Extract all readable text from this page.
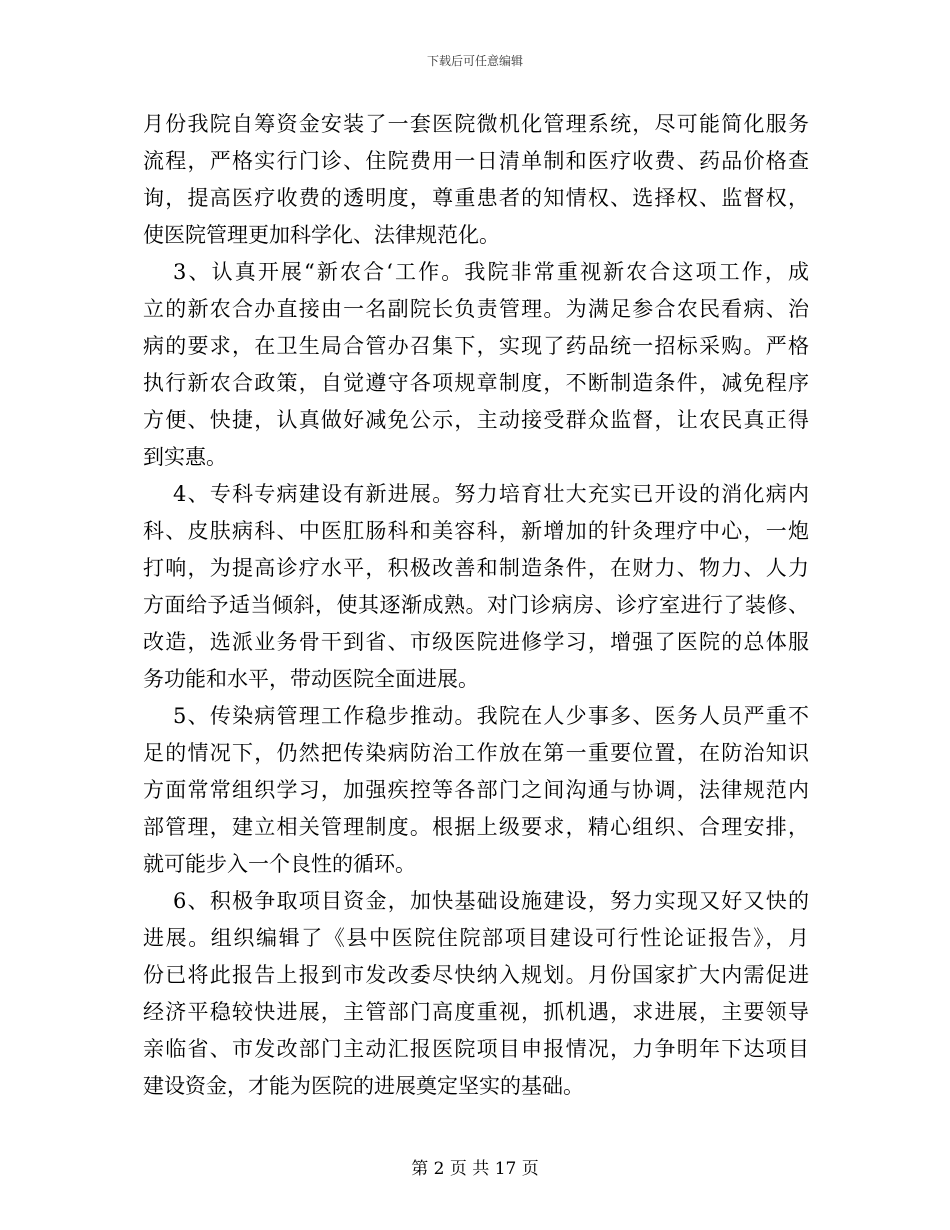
下载后可任意编辑
月份我院自筹资金安装了一套医院微机化管理系统，尽可能简化服务
流程，严格实行门诊、住院费用一日清单制和医疗收费、药品价格查
询，提高医疗收费的透明度，尊重患者的知情权、选择权、监督权，
使医院管理更加科学化、法律规范化。
3、认真开展“新农合‘工作。我院非常重视新农合这项工作，成
立的新农合办直接由一名副院长负责管理。为满足参合农民看病、治
病的要求，在卫生局合管办召集下，实现了药品统一招标采购。严格
执行新农合政策，自觉遵守各项规章制度，不断制造条件，减免程序
方便、快捷，认真做好减免公示，主动接受群众监督，让农民真正得
到实惠。
4、专科专病建设有新进展。努力培育壮大充实已开设的消化病内
科、皮肤病科、中医肛肠科和美容科，新增加的针灸理疗中心，一炮
打响，为提高诊疗水平，积极改善和制造条件，在财力、物力、人力
方面给予适当倾斜，使其逐渐成熟。对门诊病房、诊疗室进行了装修、
改造，选派业务骨干到省、市级医院进修学习，增强了医院的总体服
务功能和水平，带动医院全面进展。
5、传染病管理工作稳步推动。我院在人少事多、医务人员严重不
足的情况下，仍然把传染病防治工作放在第一重要位置，在防治知识
方面常常组织学习，加强疾控等各部门之间沟通与协调，法律规范内
部管理，建立相关管理制度。根据上级要求，精心组织、合理安排，
就可能步入一个良性的循环。
6、积极争取项目资金，加快基础设施建设，努力实现又好又快的
进展。组织编辑了《县中医院住院部项目建设可行性论证报告》，月
份已将此报告上报到市发改委尽快纳入规划。月份国家扩大内需促进
经济平稳较快进展，主管部门高度重视，抓机遇，求进展，主要领导
亲临省、市发改部门主动汇报医院项目申报情况，力争明年下达项目
建设资金，才能为医院的进展奠定坚实的基础。
第 2 页 共 17 页
